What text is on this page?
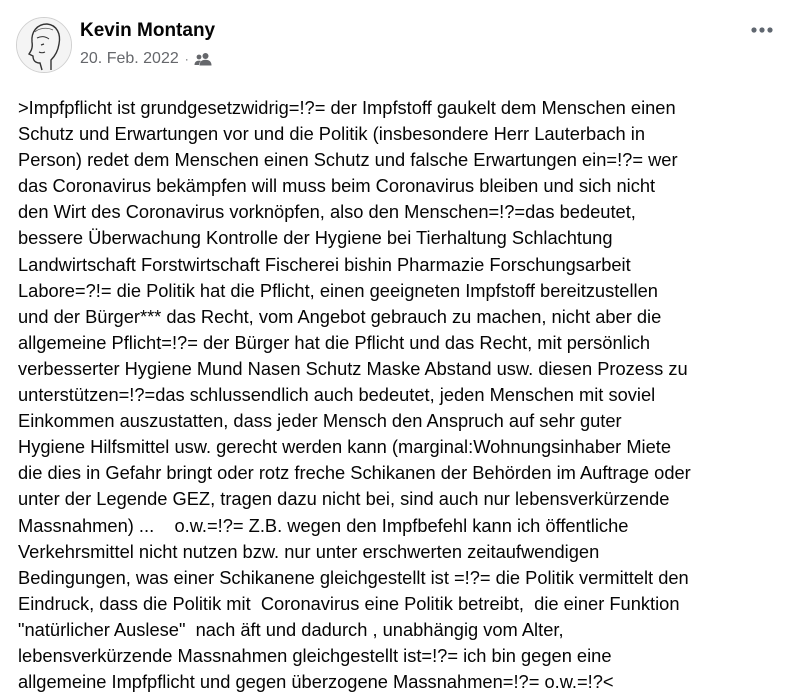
Kevin Montany
20. Feb. 2022 ·
>Impfpflicht ist grundgesetzwidrig=!?= der Impfstoff gaukelt dem Menschen einen
Schutz und Erwartungen vor und die Politik (insbesondere Herr Lauterbach in
Person) redet dem Menschen einen Schutz und falsche Erwartungen ein=!?= wer
das Coronavirus bekämpfen will muss beim Coronavirus bleiben und sich nicht
den Wirt des Coronavirus vorknöpfen, also den Menschen=!?=das bedeutet,
bessere Überwachung Kontrolle der Hygiene bei Tierhaltung Schlachtung
Landwirtschaft Forstwirtschaft Fischerei bishin Pharmazie Forschungsarbeit
Labore=?!= die Politik hat die Pflicht, einen geeigneten Impfstoff bereitzustellen
und der Bürger*** das Recht, vom Angebot gebrauch zu machen, nicht aber die
allgemeine Pflicht=!?= der Bürger hat die Pflicht und das Recht, mit persönlich
verbesserter Hygiene Mund Nasen Schutz Maske Abstand usw. diesen Prozess zu
unterstützen=!?=das schlussendlich auch bedeutet, jeden Menschen mit soviel
Einkommen auszustatten, dass jeder Mensch den Anspruch auf sehr guter
Hygiene Hilfsmittel usw. gerecht werden kann (marginal:Wohnungsinhaber Miete
die dies in Gefahr bringt oder rotz freche Schikanen der Behörden im Auftrage oder
unter der Legende GEZ, tragen dazu nicht bei, sind auch nur lebensverkürzende
Massnahmen) ...    o.w.=!?= Z.B. wegen den Impfbefehl kann ich öffentliche
Verkehrsmittel nicht nutzen bzw. nur unter erschwerten zeitaufwendigen
Bedingungen, was einer Schikanene gleichgestellt ist =!?= die Politik vermittelt den
Eindruck, dass die Politik mit  Coronavirus eine Politik betreibt,  die einer Funktion
"natürlicher Auslese"  nach äft und dadurch , unabhängig vom Alter,
lebensverkürzende Massnahmen gleichgestellt ist=!?= ich bin gegen eine
allgemeine Impfpflicht und gegen überzogene Massnahmen=!?= o.w.=!?<
